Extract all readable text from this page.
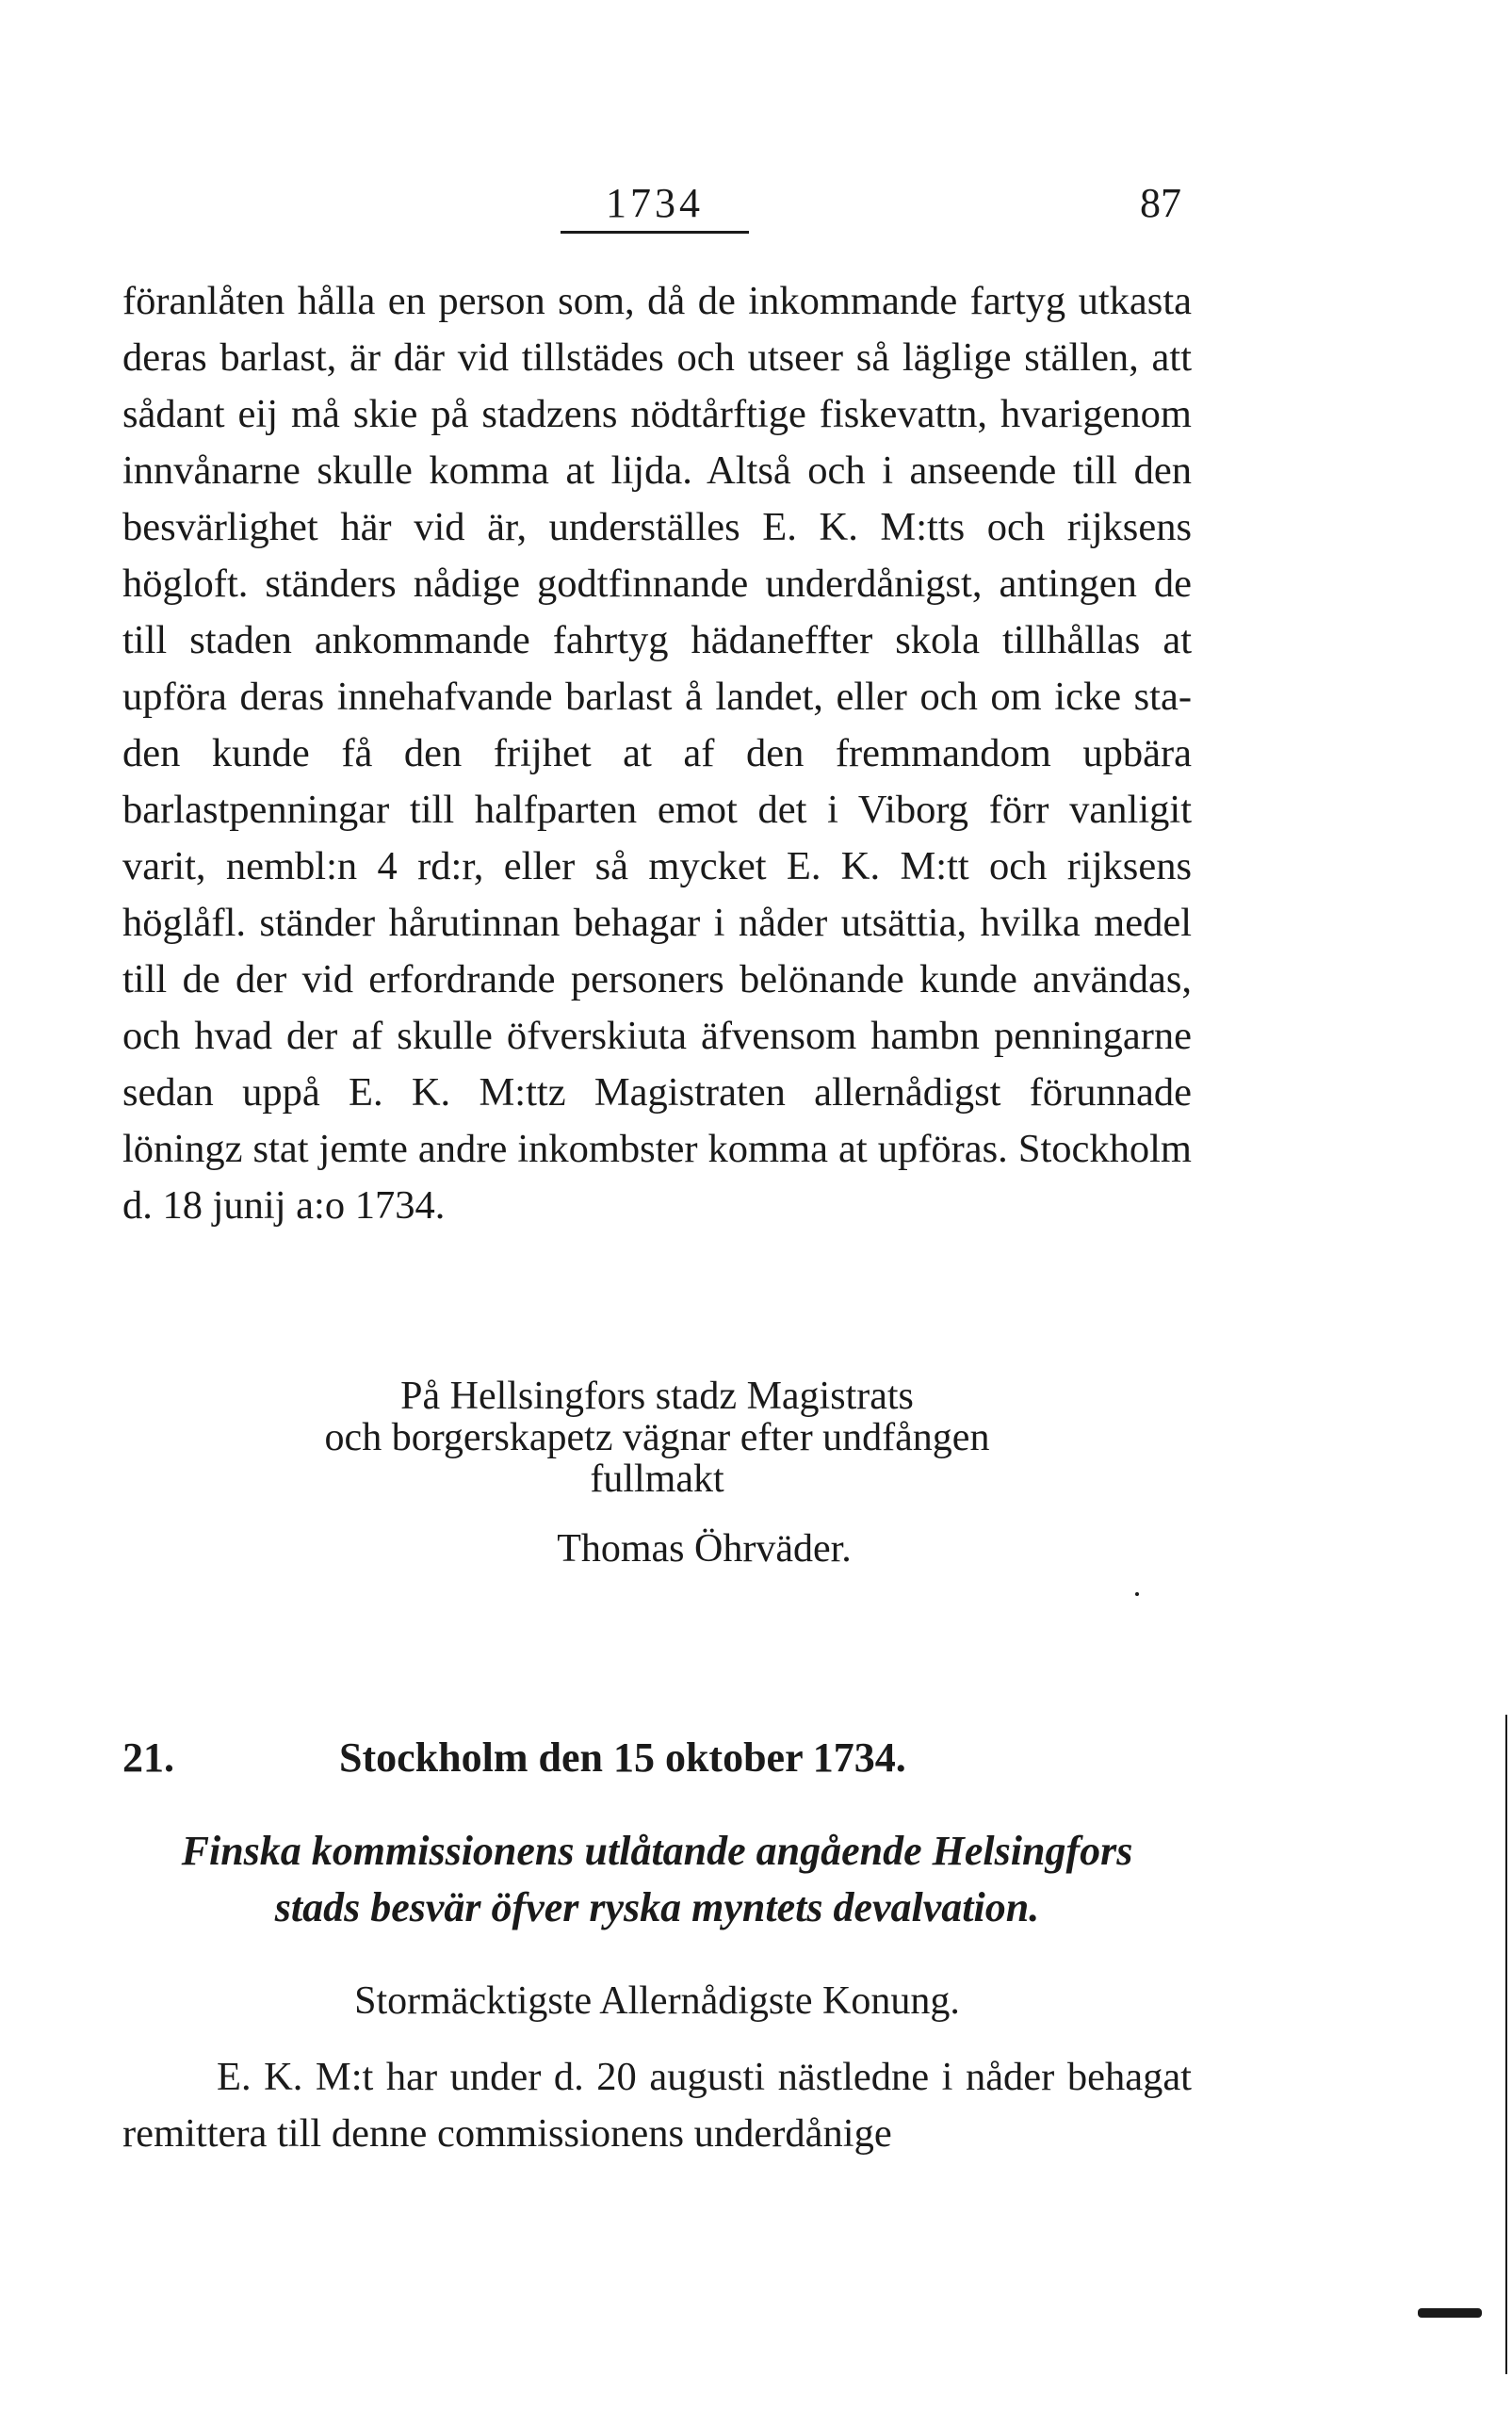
1734	87
föranlåten hålla en person som, då de inkommande fartyg utkasta deras barlast, är där vid tillstädes och utseer så läglige ställen, att sådant eij må skie på stadzens nödtårftige fiskevattn, hvarigenom innvånarne skulle komma at lijda. Altså och i anseende till den besvärlighet här vid är, underställes E. K. M:tts och rijksens högloft. ständers nådige godtfinnande underdånigst, antingen de till staden ankommande fahrtyg hädaneffter skola tillhållas at upföra deras innehafvande barlast å landet, eller och om icke staden kunde få den frijhet at af den fremmandom upbära barlastpenningar till halfparten emot det i Viborg förr vanligit varit, nembl:n 4 rd:r, eller så mycket E. K. M:tt och rijksens höglåfl. ständer hårutinnan behagar i nåder utsättia, hvilka medel till de der vid erfordrande personers belönande kunde användas, och hvad der af skulle öfverskiuta äfvensom hambn penningarne sedan uppå E. K. M:ttz Magistraten allernådigst förunnade löningz stat jemte andre inkombster komma at upföras. Stockholm d. 18 junij a:o 1734.
På Hellsingfors stadz Magistrats
och borgerskapetz vägnar efter undfången
fullmakt
Thomas Öhrväder.
21.	Stockholm den 15 oktober 1734.
Finska kommissionens utlåtande angående Helsingfors
stads besvär öfver ryska myntets devalvation.
Stormäcktigste Allernådigste Konung.
E. K. M:t har under d. 20 augusti nästledne i nåder behagat remittera till denne commissionens underdånige
